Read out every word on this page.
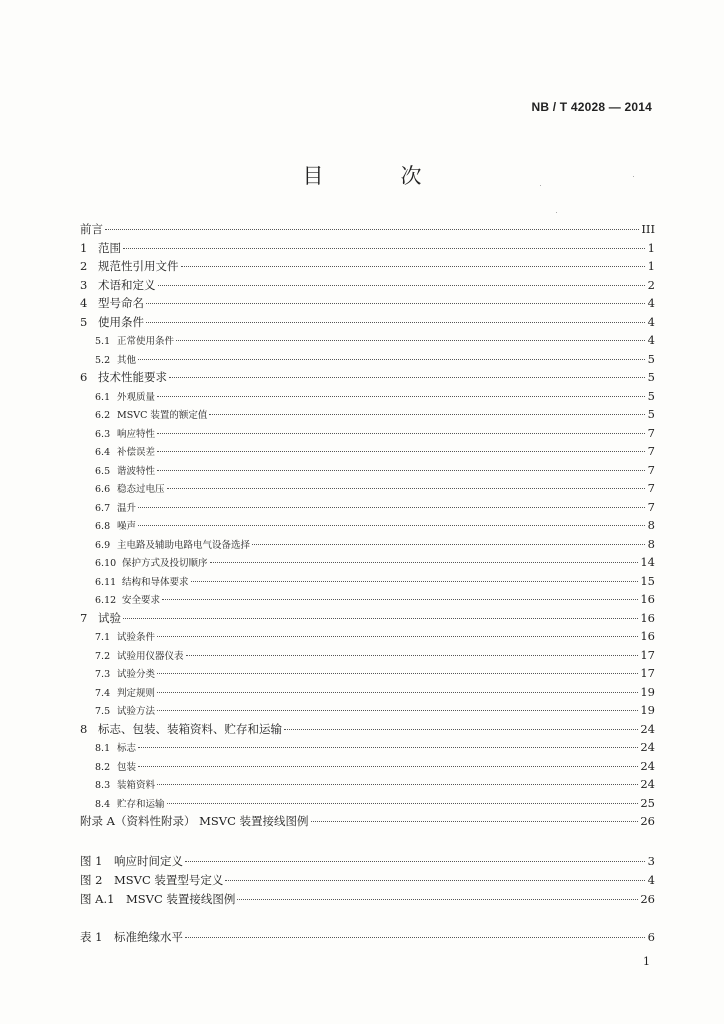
NB / T 42028 — 2014
目　次
前言	III
1 范围	1
2 规范性引用文件	1
3 术语和定义	2
4 型号命名	4
5 使用条件	4
5.1 正常使用条件	4
5.2 其他	5
6 技术性能要求	5
6.1 外观质量	5
6.2 MSVC 装置的额定值	5
6.3 响应特性	7
6.4 补偿误差	7
6.5 谐波特性	7
6.6 稳态过电压	7
6.7 温升	7
6.8 噪声	8
6.9 主电路及辅助电路电气设备选择	8
6.10 保护方式及投切顺序	14
6.11 结构和导体要求	15
6.12 安全要求	16
7 试验	16
7.1 试验条件	16
7.2 试验用仪器仪表	17
7.3 试验分类	17
7.4 判定规则	19
7.5 试验方法	19
8 标志、包装、装箱资料、贮存和运输	24
8.1 标志	24
8.2 包装	24
8.3 装箱资料	24
8.4 贮存和运输	25
附录 A（资料性附录） MSVC 装置接线图例	26
图 1	响应时间定义	3
图 2	MSVC 装置型号定义	4
图 A.1	MSVC 装置接线图例	26
表 1	标准绝缘水平	6
1
